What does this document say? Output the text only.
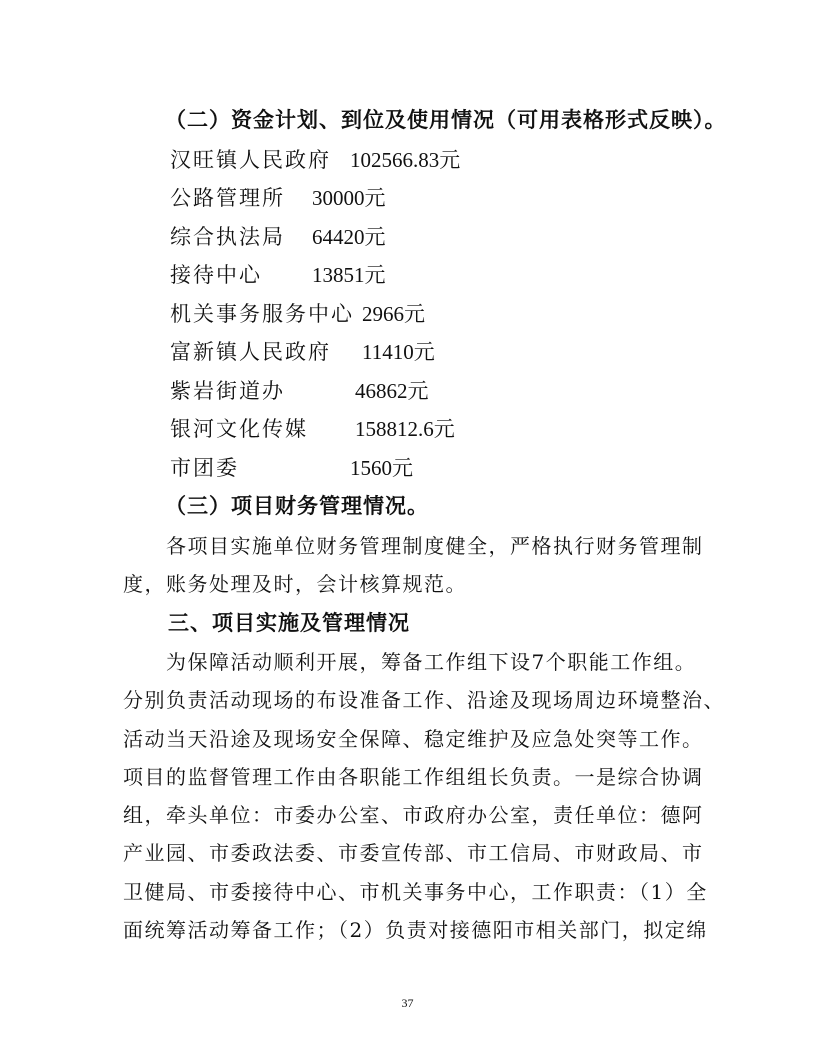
（二）资金计划、到位及使用情况（可用表格形式反映）。
汉旺镇人民政府 102566.83元
公路管理所 30000元
综合执法局 64420元
接待中心 13851元
机关事务服务中心 2966元
富新镇人民政府 11410元
紫岩街道办	46862元
银河文化传媒 158812.6元
市团委	1560元
（三）项目财务管理情况。
　　各项目实施单位财务管理制度健全，严格执行财务管理制
度，账务处理及时，会计核算规范。
三、项目实施及管理情况
　　为保障活动顺利开展，筹备工作组下设7个职能工作组。
分别负责活动现场的布设准备工作、沿途及现场周边环境整治、
活动当天沿途及现场安全保障、稳定维护及应急处突等工作。
项目的监督管理工作由各职能工作组组长负责。一是综合协调
组，牵头单位：市委办公室、市政府办公室，责任单位：德阿
产业园、市委政法委、市委宣传部、市工信局、市财政局、市
卫健局、市委接待中心、市机关事务中心，工作职责：（1）全
面统筹活动筹备工作；（2）负责对接德阳市相关部门，拟定绵
37
